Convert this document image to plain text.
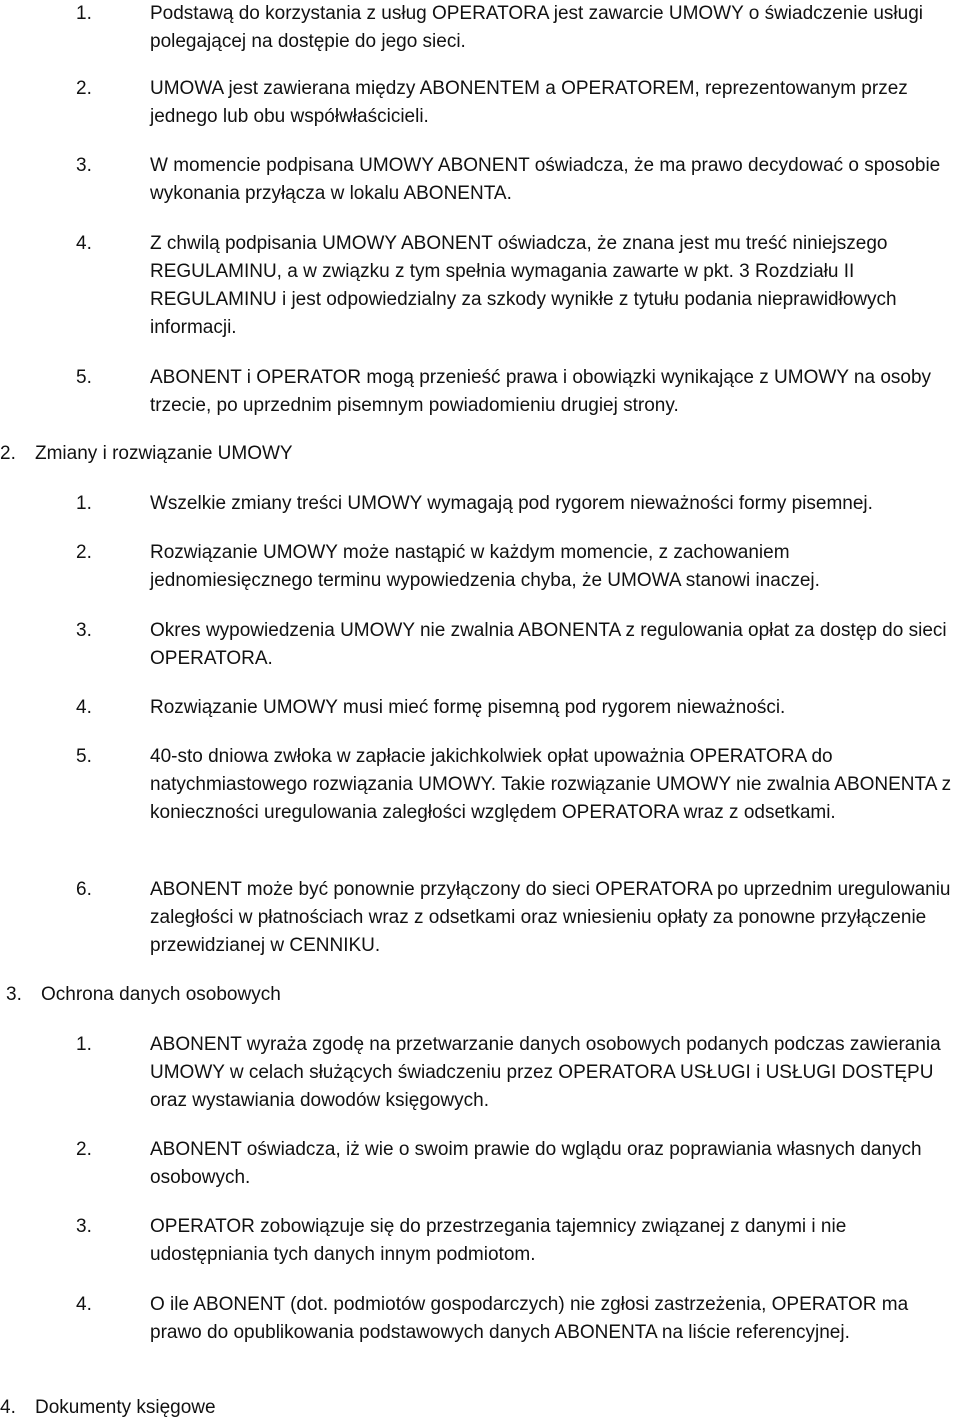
1.	Podstawą do korzystania z usług OPERATORA jest zawarcie UMOWY o świadczenie usługi polegającej na dostępie do jego sieci.
2.	UMOWA jest zawierana między ABONENTEM a OPERATOREM, reprezentowanym przez jednego lub obu współwłaścicieli.
3.	W momencie podpisana UMOWY ABONENT oświadcza, że ma prawo decydować o sposobie wykonania przyłącza w lokalu ABONENTA.
4.	Z chwilą podpisania UMOWY ABONENT oświadcza, że znana jest mu treść niniejszego REGULAMINU, a w związku z tym spełnia wymagania zawarte w pkt. 3 Rozdziału II REGULAMINU i jest odpowiedzialny za szkody wynikłe z tytułu podania nieprawidłowych informacji.
5.	ABONENT i OPERATOR mogą przenieść prawa i obowiązki wynikające z UMOWY na osoby trzecie, po uprzednim pisemnym powiadomieniu drugiej strony.
2. Zmiany i rozwiązanie UMOWY
1.	Wszelkie zmiany treści UMOWY wymagają pod rygorem nieważności formy pisemnej.
2.	Rozwiązanie UMOWY może nastąpić w każdym momencie, z zachowaniem jednomiesięcznego terminu wypowiedzenia chyba, że UMOWA stanowi inaczej.
3.	Okres wypowiedzenia UMOWY nie zwalnia ABONENTA z regulowania opłat za dostęp do sieci OPERATORA.
4.	Rozwiązanie UMOWY musi mieć formę pisemną pod rygorem nieważności.
5.	40-sto dniowa zwłoka w zapłacie jakichkolwiek opłat upoważnia OPERATORA do natychmiastowego rozwiązania UMOWY. Takie rozwiązanie UMOWY nie zwalnia ABONENTA z konieczności uregulowania zaległości względem OPERATORA wraz z odsetkami.
6.	ABONENT może być ponownie przyłączony do sieci OPERATORA po uprzednim uregulowaniu zaległości w płatnościach wraz z odsetkami oraz wniesieniu opłaty za ponowne przyłączenie przewidzianej w CENNIKU.
3. Ochrona danych osobowych
1.	ABONENT wyraża zgodę na przetwarzanie danych osobowych podanych podczas zawierania UMOWY w celach służących świadczeniu przez OPERATORA USŁUGI i USŁUGI DOSTĘPU oraz wystawiania dowodów księgowych.
2.	ABONENT oświadcza, iż wie o swoim prawie do wglądu oraz poprawiania własnych danych osobowych.
3.	OPERATOR zobowiązuje się do przestrzegania tajemnicy związanej z danymi i nie udostępniania tych danych innym podmiotom.
4.	O ile ABONENT (dot. podmiotów gospodarczych) nie zgłosi zastrzeżenia, OPERATOR ma prawo do opublikowania podstawowych danych ABONENTA na liście referencyjnej.
4. Dokumenty księgowe
